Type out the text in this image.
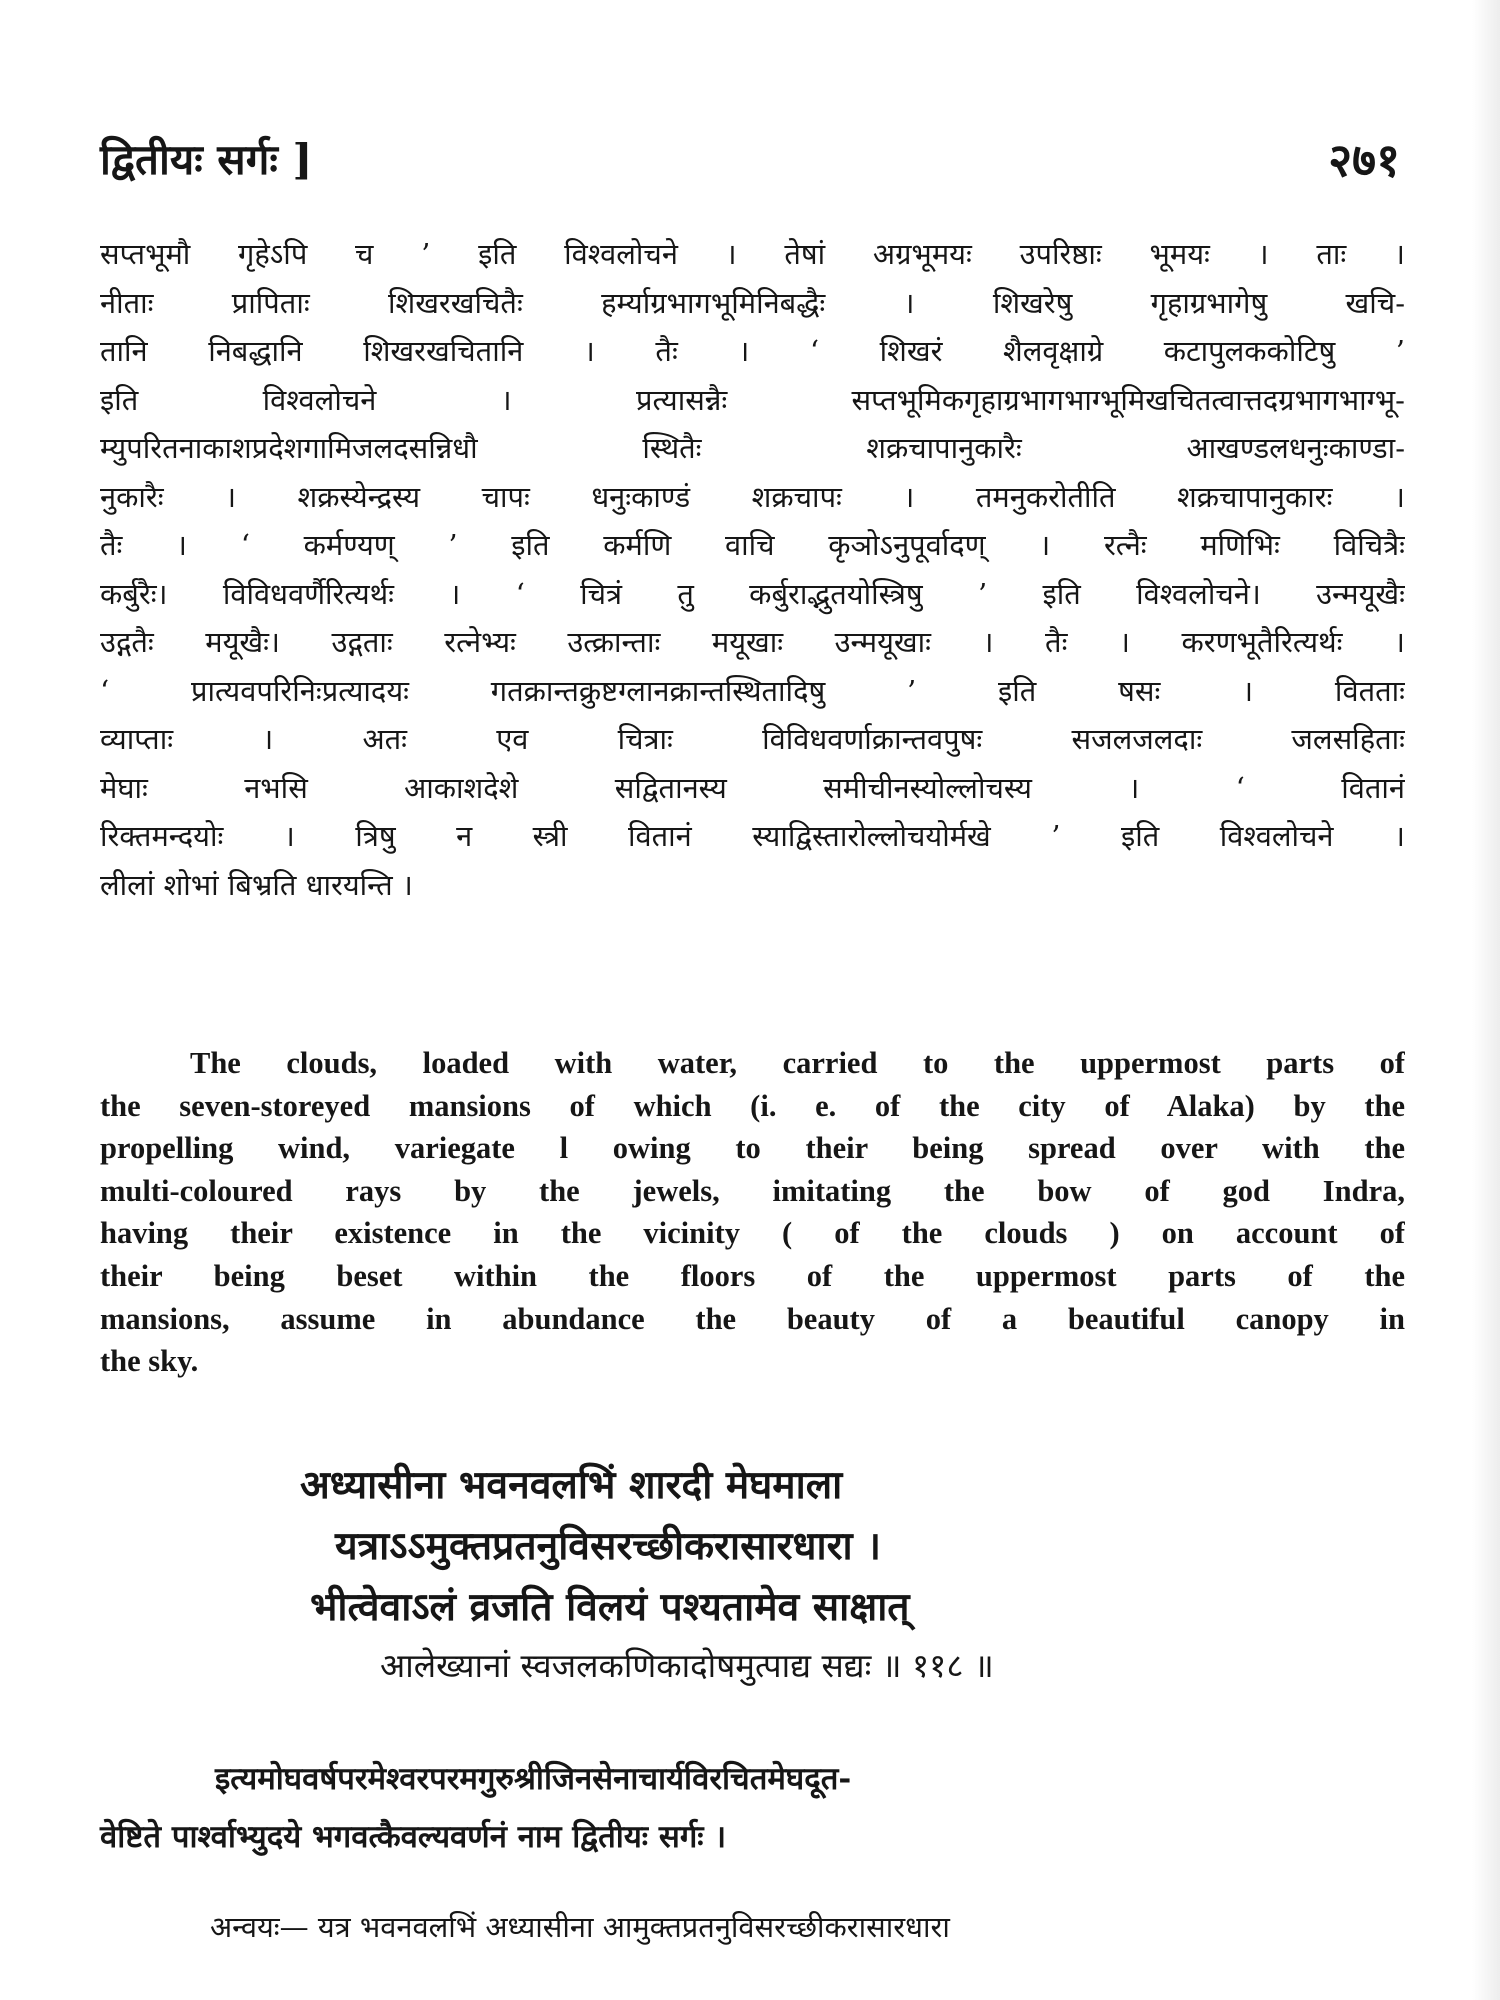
द्वितीयः सर्गः ]	२७१
सप्तभूमौ गृहेऽपि च ’ इति विश्वलोचने । तेषां अग्रभूमयः उपरिष्ठाः भूमयः । ताः ।
नीताः प्रापिताः शिखरखचितैः हर्म्याग्रभागभूमिनिबद्धैः । शिखरेषु गृहाग्रभागेषु खचि-
तानि निबद्धानि शिखरखचितानि । तैः । ‘ शिखरं शैलवृक्षाग्रे कटापुलककोटिषु ’
इति विश्वलोचने । प्रत्यासन्नैः सप्तभूमिकगृहाग्रभागभाग्भूमिखचितत्वात्तदग्रभागभाग्भू-
म्युपरितनाकाशप्रदेशगामिजलदसन्निधौ स्थितैः शक्रचापानुकारैः आखण्डलधनुःकाण्डा-
नुकारैः । शक्रस्येन्द्रस्य चापः धनुःकाण्डं शक्रचापः । तमनुकरोतीति शक्रचापानुकारः ।
तैः । ‘ कर्मण्यण् ’ इति कर्मणि वाचि कृञोऽनुपूर्वादण् । रत्नैः मणिभिः विचित्रैः
कर्बुरैः। विविधवर्णैरित्यर्थः । ‘ चित्रं तु कर्बुराद्भुतयोस्त्रिषु ’ इति विश्वलोचने। उन्मयूखैः
उद्गतैः मयूखैः। उद्गताः रत्नेभ्यः उत्क्रान्ताः मयूखाः उन्मयूखाः । तैः । करणभूतैरित्यर्थः ।
‘ प्रात्यवपरिनिःप्रत्यादयः गतक्रान्तक्रुष्टग्लानक्रान्तस्थितादिषु ’ इति षसः । वितताः
व्याप्ताः । अतः एव चित्राः विविधवर्णाक्रान्तवपुषः सजलजलदाः जलसहिताः
मेघाः नभसि आकाशदेशे सद्वितानस्य समीचीनस्योल्लोचस्य । ‘ वितानं
रिक्तमन्दयोः । त्रिषु न स्त्री वितानं स्याद्विस्तारोल्लोचयोर्मखे ’ इति विश्वलोचने ।
लीलां शोभां बिभ्रति धारयन्ति ।
The clouds, loaded with water, carried to the uppermost parts of
the seven-storeyed mansions of which (i. e. of the city of Alaka) by the
propelling wind, variegate l owing to their being spread over with the
multi-coloured rays by the jewels, imitating the bow of god Indra,
having their existence in the vicinity ( of the clouds ) on account of
their being beset within the floors of the uppermost parts of the
mansions, assume in abundance the beauty of a beautiful canopy in
the sky.
अध्यासीना भवनवलभिं शारदी मेघमाला
यत्राऽऽमुक्तप्रतनुविसरच्छीकरासारधारा ।
भीत्वेवाऽलं व्रजति विलयं पश्यतामेव साक्षात्
आलेख्यानां स्वजलकणिकादोषमुत्पाद्य सद्यः ॥ ११८ ॥
इत्यमोघवर्षपरमेश्वरपरमगुरुश्रीजिनसेनाचार्यविरचितमेघदूत-
वेष्टिते पार्श्वाभ्युदये भगवत्कैवल्यवर्णनं नाम द्वितीयः सर्गः ।
अन्वयः— यत्र भवनवलभिं अध्यासीना आमुक्तप्रतनुविसरच्छीकरासारधारा
